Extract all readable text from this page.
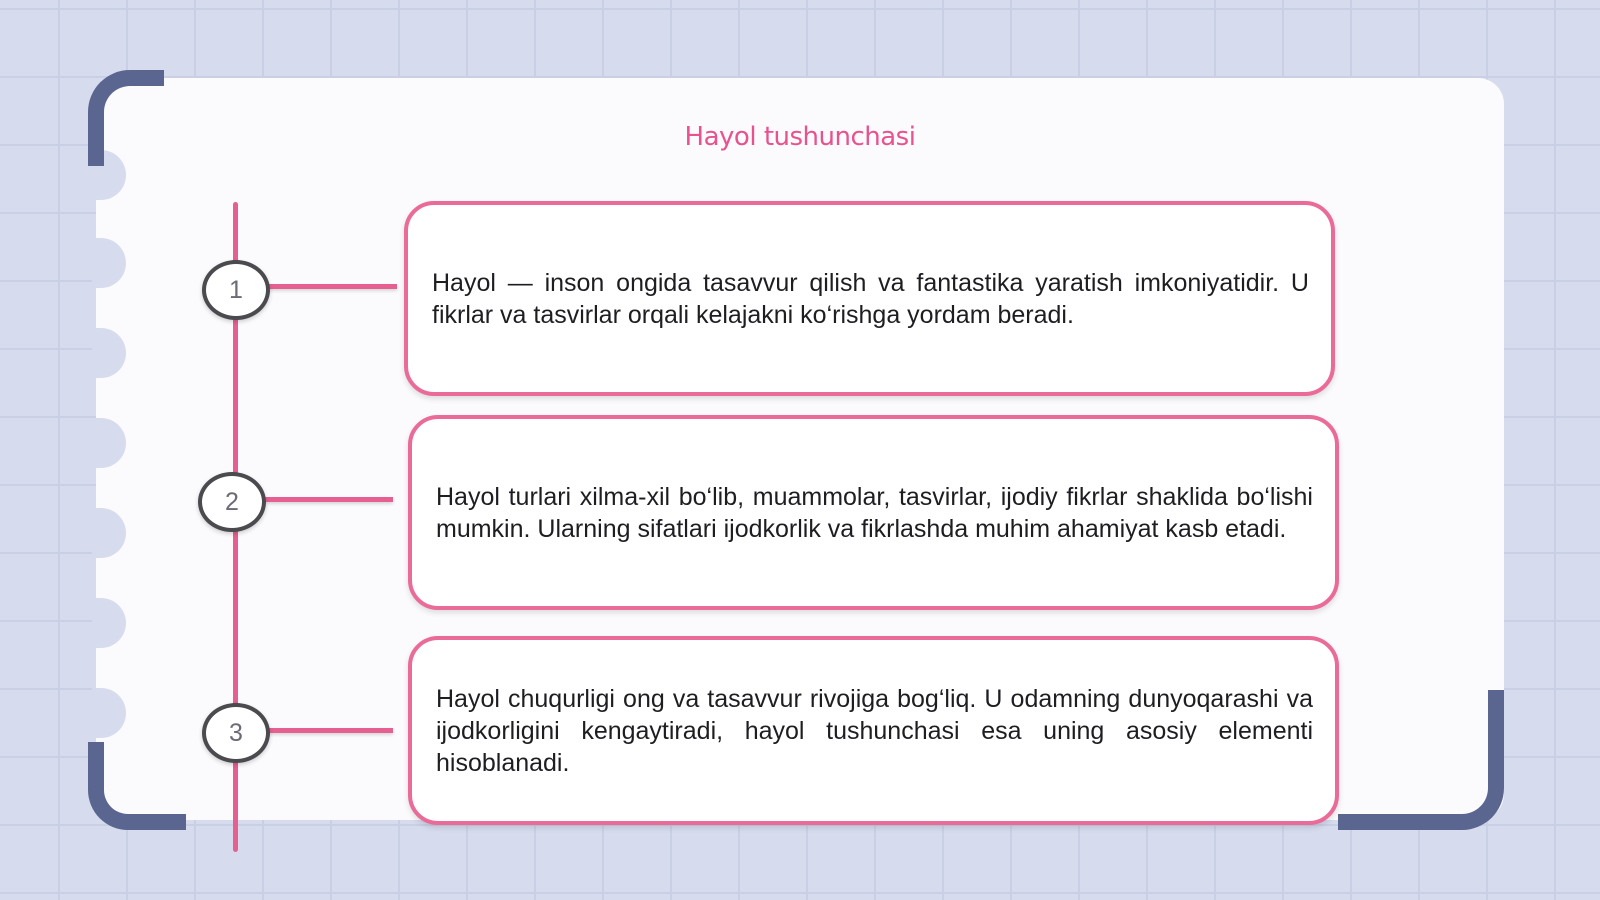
Hayol tushunchasi
1
2
3

Hayol — inson ongida tasavvur qilish va fantastika yaratish imkoniyatidir. U fikrlar va tasvirlar orqali kelajakni ko‘rishga yordam beradi.

Hayol turlari xilma-xil bo‘lib, muammolar, tasvirlar, ijodiy fikrlar shaklida bo‘lishi mumkin. Ularning sifatlari ijodkorlik va fikrlashda muhim ahamiyat kasb etadi.

Hayol chuqurligi ong va tasavvur rivojiga bog‘liq. U odamning dunyoqarashi va ijodkorligini kengaytiradi, hayol tushunchasi esa uning asosiy elementi hisoblanadi.
